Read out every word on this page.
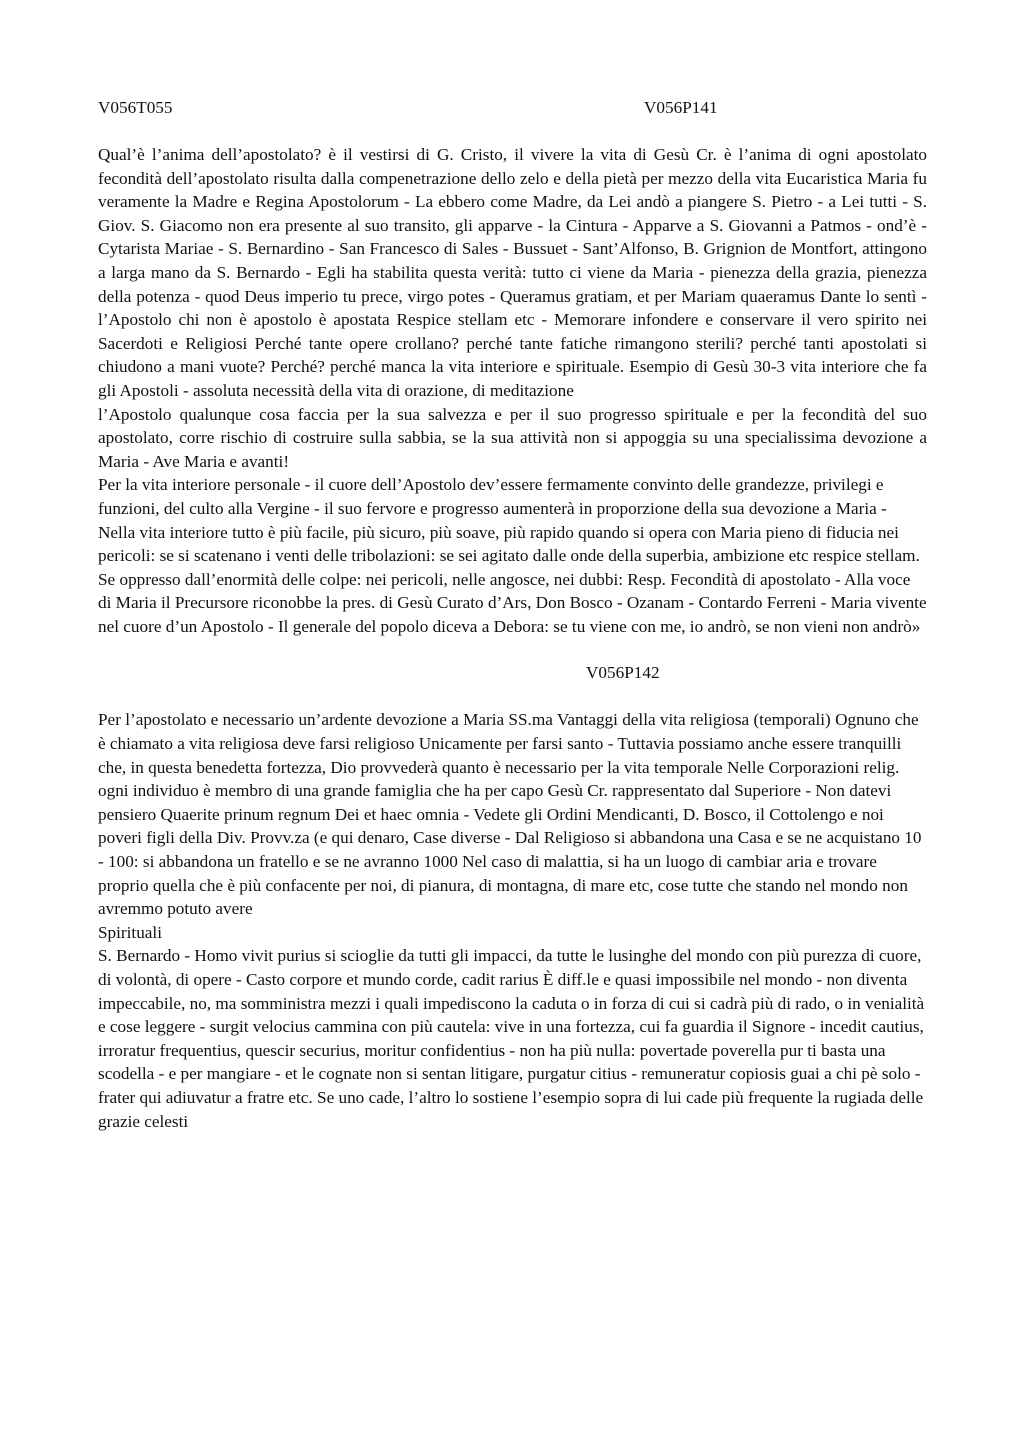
V056T055	V056P141

Qual’è l’anima dell’apostolato? è il vestirsi di G. Cristo, il vivere la vita di Gesù Cr. è l’anima di ogni apostolato fecondità dell’apostolato risulta dalla compenetrazione dello zelo e della pietà per mezzo della vita Eucaristica Maria fu veramente la Madre e Regina Apostolorum - La ebbero come Madre, da Lei andò a piangere S. Pietro - a Lei tutti - S. Giov. S. Giacomo non era presente al suo transito, gli apparve - la Cintura - Apparve a S. Giovanni a Patmos - ond’è - Cytarista Mariae - S. Bernardino - San Francesco di Sales - Bussuet - Sant’Alfonso, B. Grignion de Montfort, attingono a larga mano da S. Bernardo - Egli ha stabilita questa verità: tutto ci viene da Maria - pienezza della grazia, pienezza della potenza - quod Deus imperio tu prece, virgo potes - Queramus gratiam, et per Mariam quaeramus Dante lo sentì - l’Apostolo chi non è apostolo è apostata Respice stellam etc - Memorare infondere e conservare il vero spirito nei Sacerdoti e Religiosi Perché tante opere crollano? perché tante fatiche rimangono sterili? perché tanti apostolati si chiudono a mani vuote? Perché? perché manca la vita interiore e spirituale. Esempio di Gesù 30-3 vita interiore che fa gli Apostoli - assoluta necessità della vita di orazione, di meditazione

l’Apostolo qualunque cosa faccia per la sua salvezza e per il suo progresso spirituale e per la fecondità del suo apostolato, corre rischio di costruire sulla sabbia, se la sua attività non si appoggia su una specialissima devozione a Maria - Ave Maria e avanti!

Per la vita interiore personale - il cuore dell’Apostolo dev’essere fermamente convinto delle grandezze, privilegi e funzioni, del culto alla Vergine - il suo fervore e progresso aumenterà in proporzione della sua devozione a Maria - Nella vita interiore tutto è più facile, più sicuro, più soave, più rapido quando si opera con Maria pieno di fiducia nei pericoli: se si scatenano i venti delle tribolazioni: se sei agitato dalle onde della superbia, ambizione etc respice stellam. Se oppresso dall’enormità delle colpe: nei pericoli, nelle angosce, nei dubbi: Resp. Fecondità di apostolato - Alla voce di Maria il Precursore riconobbe la pres. di Gesù Curato d’Ars, Don Bosco - Ozanam - Contardo Ferreni - Maria vivente nel cuore d’un Apostolo - Il generale del popolo diceva a Debora: se tu viene con me, io andrò, se non vieni non andrò»

V056P142

Per l’apostolato e necessario un’ardente devozione a Maria SS.ma Vantaggi della vita religiosa (temporali) Ognuno che è chiamato a vita religiosa deve farsi religioso Unicamente per farsi santo - Tuttavia possiamo anche essere tranquilli che, in questa benedetta fortezza, Dio provvederà quanto è necessario per la vita temporale Nelle Corporazioni relig. ogni individuo è membro di una grande famiglia che ha per capo Gesù Cr. rappresentato dal Superiore - Non datevi pensiero Quaerite prinum regnum Dei et haec omnia - Vedete gli Ordini Mendicanti, D. Bosco, il Cottolengo e noi poveri figli della Div. Provv.za (e qui denaro, Case diverse - Dal Religioso si abbandona una Casa e se ne acquistano 10 - 100: si abbandona un fratello e se ne avranno 1000 Nel caso di malattia, si ha un luogo di cambiar aria e trovare proprio quella che è più confacente per noi, di pianura, di montagna, di mare etc, cose tutte che stando nel mondo non avremmo potuto avere

Spirituali

S. Bernardo - Homo vivit purius si scioglie da tutti gli impacci, da tutte le lusinghe del mondo con più purezza di cuore, di volontà, di opere - Casto corpore et mundo corde, cadit rarius È diff.le e quasi impossibile nel mondo - non diventa impeccabile, no, ma somministra mezzi i quali impediscono la caduta o in forza di cui si cadrà più di rado, o in venialità e cose leggere - surgit velocius cammina con più cautela: vive in una fortezza, cui fa guardia il Signore - incedit cautius, irroratur frequentius, quescir securius, moritur confidentius - non ha più nulla: povertade poverella pur ti basta una scodella - e per mangiare - et le cognate non si sentan litigare, purgatur citius - remuneratur copiosis guai a chi pè solo - frater qui adiuvatur a fratre etc. Se uno cade, l’altro lo sostiene l’esempio sopra di lui cade più frequente la rugiada delle grazie celesti
